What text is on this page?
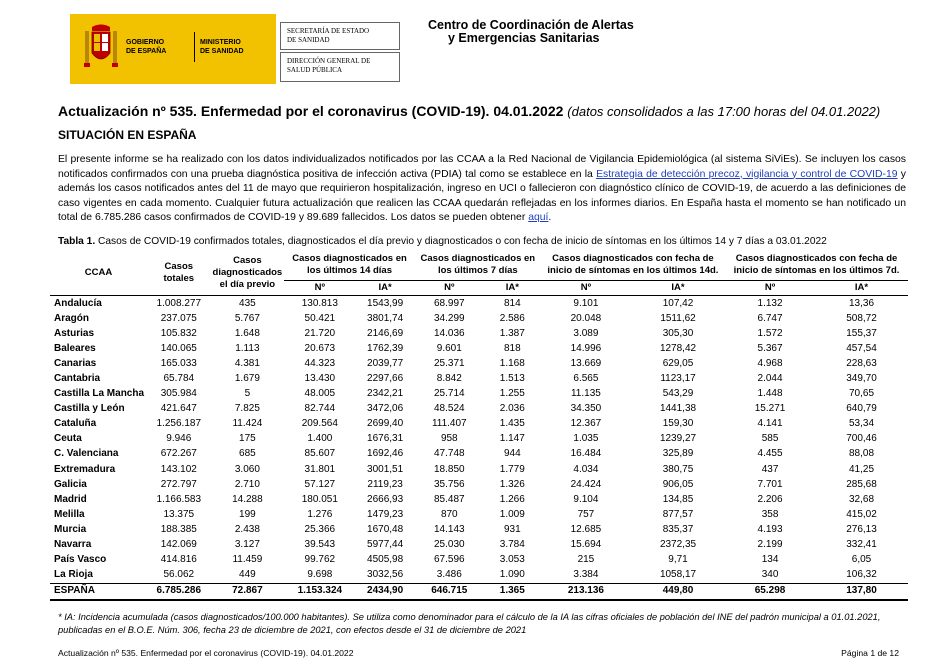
GOBIERNO
DE ESPAÑA
MINISTERIO
DE SANIDAD
SECRETARÍA DE ESTADO
DE SANIDAD
DIRECCIÓN GENERAL DE
SALUD PÚBLICA
Centro de Coordinación de Alertas
y Emergencias Sanitarias
Actualización nº 535. Enfermedad por el coronavirus (COVID-19). 04.01.2022 (datos consolidados a las 17:00 horas del 04.01.2022)
SITUACIÓN EN ESPAÑA
El presente informe se ha realizado con los datos individualizados notificados por las CCAA a la Red Nacional de Vigilancia Epidemiológica (al sistema SiViEs). Se incluyen los casos notificados confirmados con una prueba diagnóstica positiva de infección activa (PDIA) tal como se establece en la Estrategia de detección precoz, vigilancia y control de COVID-19 y además los casos notificados antes del 11 de mayo que requirieron hospitalización, ingreso en UCI o fallecieron con diagnóstico clínico de COVID-19, de acuerdo a las definiciones de caso vigentes en cada momento. Cualquier futura actualización que realicen las CCAA quedarán reflejadas en los informes diarios. En España hasta el momento se han notificado un total de 6.785.286 casos confirmados de COVID-19 y 89.689 fallecidos. Los datos se pueden obtener aquí.
Tabla 1. Casos de COVID-19 confirmados totales, diagnosticados el día previo y diagnosticados o con fecha de inicio de síntomas en los últimos 14 y 7 días a 03.01.2022
CCAA	Casos totales	Casos diagnosticados el día previo	Casos diagnosticados en los últimos 14 días		Casos diagnosticados en los últimos 7 días		Casos diagnosticados con fecha de inicio de síntomas en los últimos 14d.		Casos diagnosticados con fecha de inicio de síntomas en los últimos 7d.	
			Nº	IA*	Nº	IA*	Nº	IA*	Nº	IA*
Andalucía	1.008.277	435	130.813	1543,99	68.997	814	9.101	107,42	1.132	13,36
Aragón	237.075	5.767	50.421	3801,74	34.299	2.586	20.048	1511,62	6.747	508,72
Asturias	105.832	1.648	21.720	2146,69	14.036	1.387	3.089	305,30	1.572	155,37
Baleares	140.065	1.113	20.673	1762,39	9.601	818	14.996	1278,42	5.367	457,54
Canarias	165.033	4.381	44.323	2039,77	25.371	1.168	13.669	629,05	4.968	228,63
Cantabria	65.784	1.679	13.430	2297,66	8.842	1.513	6.565	1123,17	2.044	349,70
Castilla La Mancha	305.984	5	48.005	2342,21	25.714	1.255	11.135	543,29	1.448	70,65
Castilla y León	421.647	7.825	82.744	3472,06	48.524	2.036	34.350	1441,38	15.271	640,79
Cataluña	1.256.187	11.424	209.564	2699,40	111.407	1.435	12.367	159,30	4.141	53,34
Ceuta	9.946	175	1.400	1676,31	958	1.147	1.035	1239,27	585	700,46
C. Valenciana	672.267	685	85.607	1692,46	47.748	944	16.484	325,89	4.455	88,08
Extremadura	143.102	3.060	31.801	3001,51	18.850	1.779	4.034	380,75	437	41,25
Galicia	272.797	2.710	57.127	2119,23	35.756	1.326	24.424	906,05	7.701	285,68
Madrid	1.166.583	14.288	180.051	2666,93	85.487	1.266	9.104	134,85	2.206	32,68
Melilla	13.375	199	1.276	1479,23	870	1.009	757	877,57	358	415,02
Murcia	188.385	2.438	25.366	1670,48	14.143	931	12.685	835,37	4.193	276,13
Navarra	142.069	3.127	39.543	5977,44	25.030	3.784	15.694	2372,35	2.199	332,41
País Vasco	414.816	11.459	99.762	4505,98	67.596	3.053	215	9,71	134	6,05
La Rioja	56.062	449	9.698	3032,56	3.486	1.090	3.384	1058,17	340	106,32
ESPAÑA	6.785.286	72.867	1.153.324	2434,90	646.715	1.365	213.136	449,80	65.298	137,80
* IA: Incidencia acumulada (casos diagnosticados/100.000 habitantes). Se utiliza como denominador para el cálculo de la IA las cifras oficiales de población del INE del padrón municipal a 01.01.2021, publicadas en el B.O.E. Núm. 306, fecha 23 de diciembre de 2021, con efectos desde el 31 de diciembre de 2021
Actualización nº 535. Enfermedad por el coronavirus (COVID-19). 04.01.2022	Página 1 de 12
